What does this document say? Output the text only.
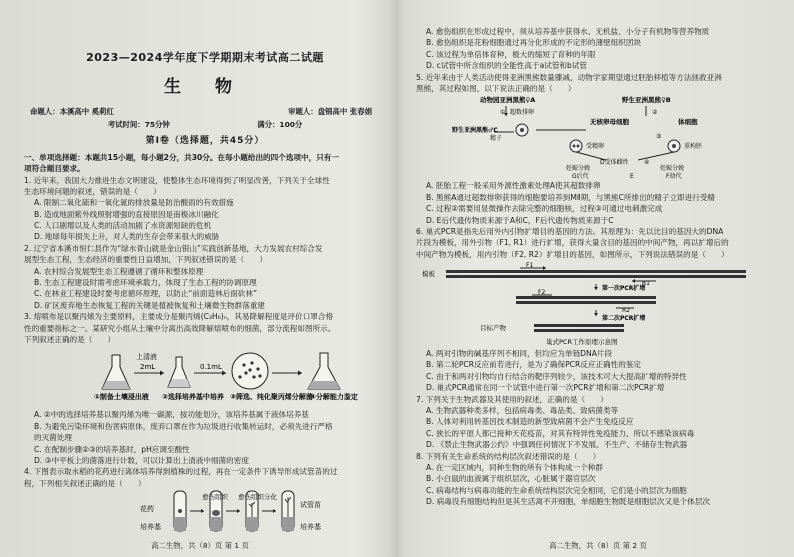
2023—2024学年度下学期期末考试高二试题
生 物
命题人：本溪高中 奚莉红	审题人：盘锦高中 张春娟
考试时间：75分钟	满分：100分
第Ⅰ卷（选择题，共45分）
一、单项选择题：本题共15小题，每小题2分，共30分。在每小题给出的四个选项中，只有一
项符合题目要求。
1. 近年来，我国大力推进生态文明建设，使整体生态环境得到了明显改善，下列关于全球性
生态环境问题的叙述，错误的是（　　）
A. 限制二氧化硫和一氧化氮的排放量是防治酸雨的有效措施
B. 造成地面紫外线照射增强的直接原因是南极冰川融化
C. 人口剧增以及人类的活动加剧了水资源短缺的危机
D. 地球每年损失上升，对人类的生存会带来很大的威胁
2. 辽宁省本溪市恒仁县作为“绿水青山就是金山银山”实践创新基地，大力发展农村综合发
展型生态工程，生态经济的重要性日益增加，下列叙述错误的是（　　）
A. 农村综合发展型生态工程遵循了循环和整体原理
B. 生态工程建设时需考虑环境承载力，体现了生态工程的协调原理
C. 在林业工程建设时要考虑循环原理，以防止“前面造林后面砍林”
D. 矿区废弃地生态恢复工程的关键是植被恢复和土壤微生物群落重建
3. 熔喷布是以聚丙烯为主要原料，主要成分是聚丙烯(C₃H₆)ₙ，其易降解程度是评价口罩合格
性的重要指标之一。某研究小组从土壤中分离出高效降解熔喷布的细菌，部分流程如图所示。
下列叙述正确的是（　　）
上清液
2mL	0.1mL
①制备土壤浸出液 ②选择培养基中培养 ③筛选、纯化聚丙烯分解菌
④分解能力鉴定
A. ②中的选择培养基以聚丙烯为唯一碳源，按功能划分，该培养基属于液体培养基
B. 为避免污染环境和伤害病原体，废弃口罩在作为垃圾进行收集转运时，必须先进行严格
的灭菌处理
C. 在配制步骤②③的培养基时，pH应调至酸性
D. ③中平板上的菌落进行计数，可以计算出上清液中细菌的密度
4. 下图表示取水稻的花药进行离体培养得到植株的过程，再在一定条件下诱导形成试管苗的过
程，下列相关叙述正确的是（　　）
花药
培养基
愈伤组织 愈伤组织分化
试管苗
培养基
高二生物，共（8）页 第 1 页
A. 愈伤组织在形成过程中，须从培养基中获得水、无机盐、小分子有机物等营养物质
B. 愈伤组织是花粉细胞通过再分化形成的不定形的薄壁组织团块
C. 该过程为单倍体育种，极大的缩短了育种的年限
D. c试管中所含组织的全能性高于a试管和b试管
5. 近年来由于人类活动使得亚洲黑熊数量骤减，动物学家期望通过胚胎移植等方法拯救亚洲
黑熊，其过程如图，以下说法正确的是（　　）
动物园亚洲黑熊♀A	野生亚洲黑熊♀B
野生亚洲黑熊♂C
超数排卵
①
精子
②
无核卵母细胞	体细胞
受精卵
③
重构胚
D受体雌性	④
妊娠分娩	妊娠分娩
G后代	F幼代
E
A. 胚胎工程一般采用外源性激素处理A使其超数排卵
B. 黑熊A通过超数排卵获得的细胞要培养到MⅡ期，与黑熊C所排出的精子立即进行受精
C. 过程②需要用显微操作去除完整的细胞核，过程③可通过电刺激完成
D. E后代遗传物质来源于A和C，F后代遗传物质来源于C
6. 巢式PCR是指先后用外内引物扩增目的基因的方法。其原理为：先以比目的基因大的DNA
片段为模板，用外引物（F1, R1）进行扩增，获得大量含目的基因的中间产物，再以扩增后的
中间产物为模板，用内引物（F2, R2）扩增目的基因，如图所示，下列说法错误的是（　　）
模板
F1
R1
第一次PCR扩增
F2
R2
第二次PCR扩增
目标产物
巢式PCR工作原理示意图
A. 两对引物的碱基序列不相同，但均应为单链DNA片段
B. 第二轮PCR反应前若进行，是为了确保PCR反应正确性的鉴定
C. 由于和两对引物均自行结合的靶序列较少，该技术可大大提高扩增的特异性
D. 巢式PCR通常在同一个试管中进行第一次PCR扩增和第二次PCR扩增
7. 下列关于生物武器及其使用的叙述，正确的是（　　）
A. 生物武器种类多样，包括病毒类、毒品类、致病菌类等
B. 人体对利用转基因技术制造的新型致病菌不会产生免疫反应
C. 狭长的平原人都已接种天花疫苗，对其有特异性免疫能力，所以不感染该病毒
D. 《禁止生物武器公约》中强调任何情况下不发展、不生产、不储存生物武器
8. 下列有关生命系统的结构层次叙述错误的是（　　）
A. 在一定区域内，同种生物的所有个体构成一个种群
B. 小白鼠的血液属于组织层次，心脏属于器官层次
C. 病毒结构与病毒功能的生命系统结构层次完全相同，它们是小的层次为细胞
D. 病毒没有细胞结构但是其生活离不开细胞，单细胞生物既是细胞层次又是个体层次
高二生物，共（8）页 第 2 页
